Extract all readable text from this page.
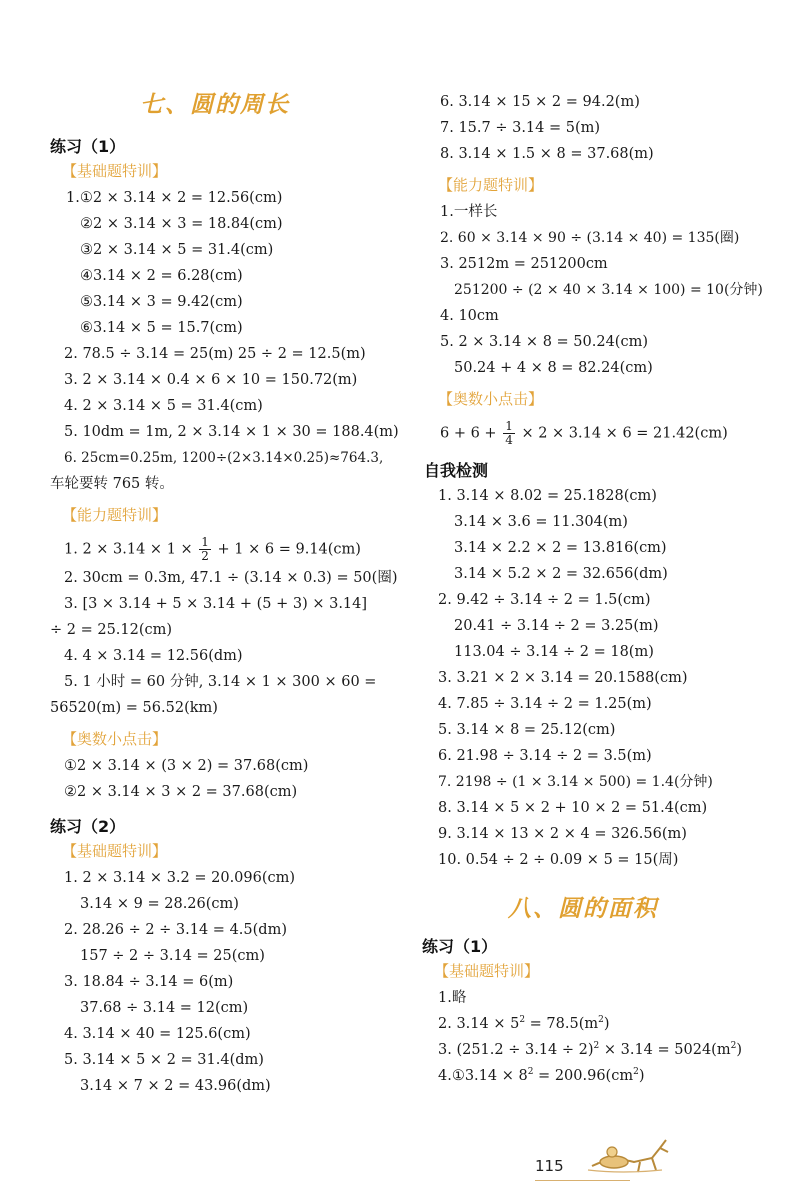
七、圆的周长
练习（1）
【基础题特训】
1.①2 × 3.14 × 2 = 12.56(cm)
②2 × 3.14 × 3 = 18.84(cm)
③2 × 3.14 × 5 = 31.4(cm)
④3.14 × 2 = 6.28(cm)
⑤3.14 × 3 = 9.42(cm)
⑥3.14 × 5 = 15.7(cm)
2. 78.5 ÷ 3.14 = 25(m) 25 ÷ 2 = 12.5(m)
3. 2 × 3.14 × 0.4 × 6 × 10 = 150.72(m)
4. 2 × 3.14 × 5 = 31.4(cm)
5. 10dm = 1m, 2 × 3.14 × 1 × 30 = 188.4(m)
6. 25cm=0.25m, 1200÷(2×3.14×0.25)≈764.3,
车轮要转 765 转。
【能力题特训】
1. $2 \times 3.14 \times 1 \times \frac{1}{2} + 1 \times 6 = 9.14(cm)$
2. 30cm = 0.3m, 47.1 ÷ (3.14 × 0.3) = 50(圈)
3. [3 × 3.14 + 5 × 3.14 + (5 + 3) × 3.14]
÷ 2 = 25.12(cm)
4. 4 × 3.14 = 12.56(dm)
5. 1 小时 = 60 分钟, 3.14 × 1 × 300 × 60 =
56520(m) = 56.52(km)
【奥数小点击】
①2 × 3.14 × (3 × 2) = 37.68(cm)
②2 × 3.14 × 3 × 2 = 37.68(cm)
练习（2）
【基础题特训】
1. 2 × 3.14 × 3.2 = 20.096(cm)
3.14 × 9 = 28.26(cm)
2. 28.26 ÷ 2 ÷ 3.14 = 4.5(dm)
157 ÷ 2 ÷ 3.14 = 25(cm)
3. 18.84 ÷ 3.14 = 6(m)
37.68 ÷ 3.14 = 12(cm)
4. 3.14 × 40 = 125.6(cm)
5. 3.14 × 5 × 2 = 31.4(dm)
3.14 × 7 × 2 = 43.96(dm)
6. 3.14 × 15 × 2 = 94.2(m)
7. 15.7 ÷ 3.14 = 5(m)
8. 3.14 × 1.5 × 8 = 37.68(m)
【能力题特训】
1.一样长
2. 60 × 3.14 × 90 ÷ (3.14 × 40) = 135(圈)
3. 2512m = 251200cm
251200 ÷ (2 × 40 × 3.14 × 100) = 10(分钟)
4. 10cm
5. 2 × 3.14 × 8 = 50.24(cm)
50.24 + 4 × 8 = 82.24(cm)
【奥数小点击】
$6 + 6 + \frac{1}{4} \times 2 \times 3.14 \times 6 = 21.42(cm)$
自我检测
1. 3.14 × 8.02 = 25.1828(cm)
3.14 × 3.6 = 11.304(m)
3.14 × 2.2 × 2 = 13.816(cm)
3.14 × 5.2 × 2 = 32.656(dm)
2. 9.42 ÷ 3.14 ÷ 2 = 1.5(cm)
20.41 ÷ 3.14 ÷ 2 = 3.25(m)
113.04 ÷ 3.14 ÷ 2 = 18(m)
3. 3.21 × 2 × 3.14 = 20.1588(cm)
4. 7.85 ÷ 3.14 ÷ 2 = 1.25(m)
5. 3.14 × 8 = 25.12(cm)
6. 21.98 ÷ 3.14 ÷ 2 = 3.5(m)
7. 2198 ÷ (1 × 3.14 × 500) = 1.4(分钟)
8. 3.14 × 5 × 2 + 10 × 2 = 51.4(cm)
9. 3.14 × 13 × 2 × 4 = 326.56(m)
10. 0.54 ÷ 2 ÷ 0.09 × 5 = 15(周)
八、圆的面积
练习（1）
【基础题特训】
1.略
2. $3.14 \times 5^2 = 78.5(m^2)$
3. $(251.2 \div 3.14 \div 2)^2 \times 3.14 = 5024(m^2)$
4.①3.14 × $8^2 = 200.96(cm^2)$
115
